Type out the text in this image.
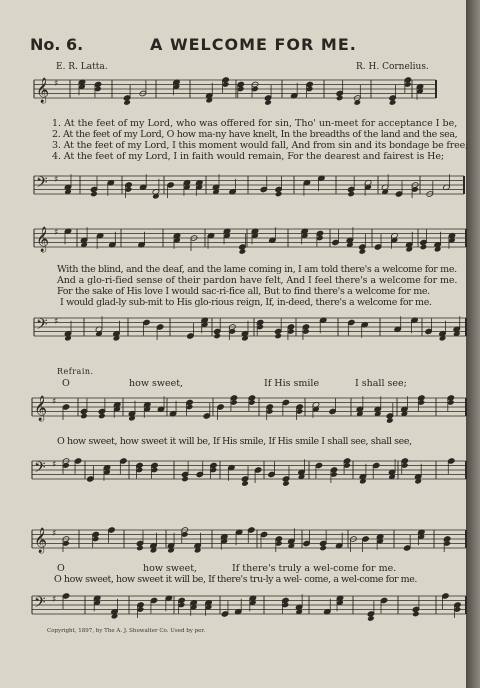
𝄞 ♯
𝄢 ♯
𝄞 ♯
𝄢 ♯
𝄞 ♯
𝄢 ♯
𝄞 ♯
𝄢 ♯
No. 6.	A WELCOME FOR ME.
E. R. Latta.	R. H. Cornelius.
1. At the feet of my Lord, who was offered for sin, Tho' un-meet for acceptance I be,
2. At the feet of my Lord, O how ma-ny have knelt, In the breadths of the land and the sea,
3. At the feet of my Lord, I this moment would fall, And from sin and its bondage be free;
4. At the feet of my Lord, I in faith would remain, For the dearest and fairest is He;
With the blind, and the deaf, and the lame coming in, I am told there's a welcome for me.
And a glo-ri-fied sense of their pardon have felt, And I feel there's a welcome for me.
For the sake of His love I would sac-ri-fice all, But to find there's a welcome for me.
I would glad-ly sub-mit to His glo-rious reign, If, in-deed, there's a welcome for me.
Refrain.
O	how sweet,	If His smile	I shall see;
O how sweet, how sweet it will be, If His smile, If His smile I shall see, shall see,
O	how sweet,	If there's truly a wel-come for me.
O how sweet, how sweet it will be, If there's tru-ly a wel- come, a wel-come for me.
Copyright, 1897, by The A. J. Showalter Co. Used by per.
